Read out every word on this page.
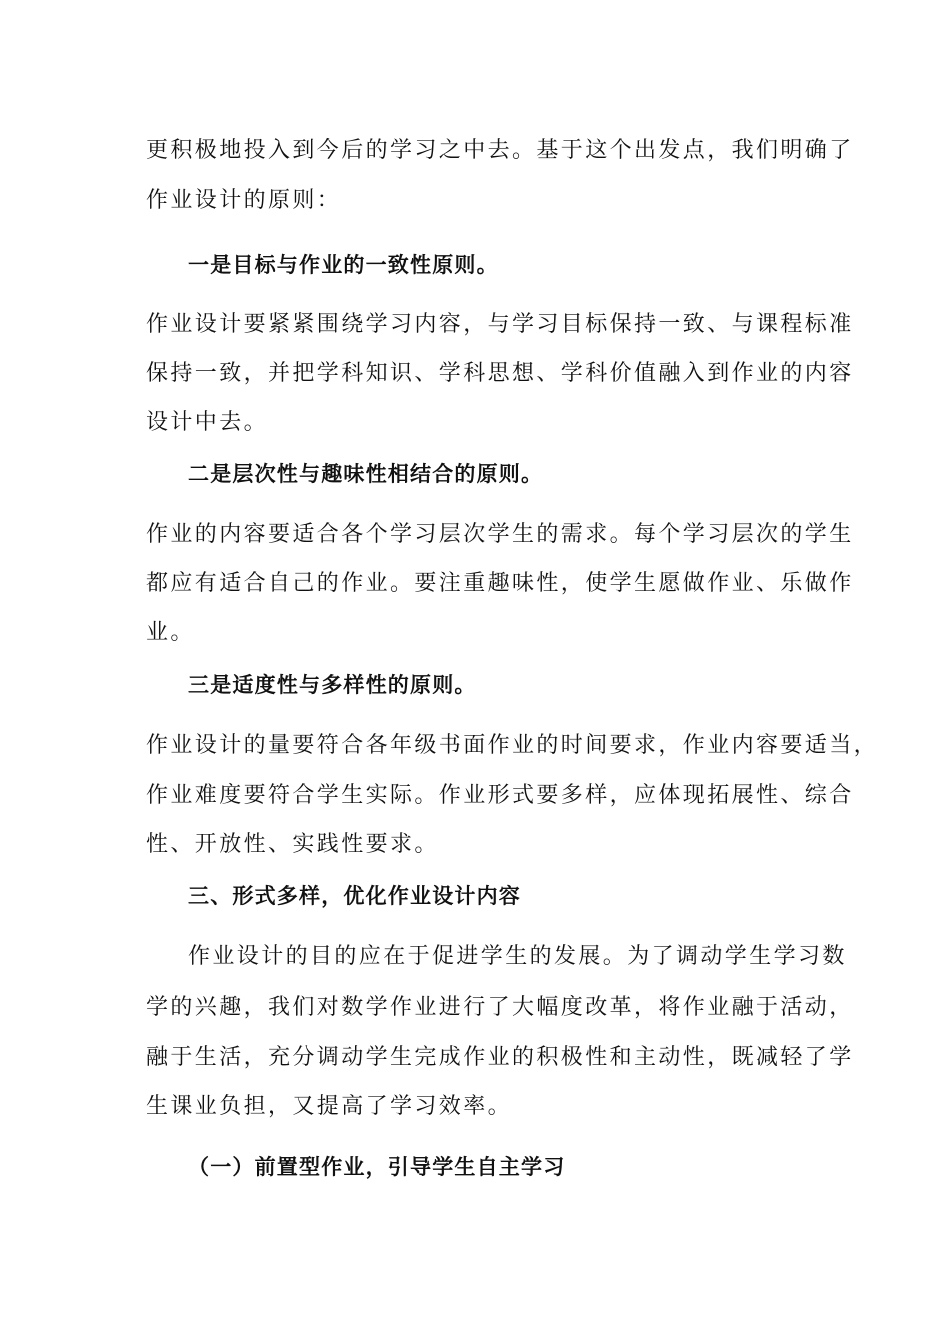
更积极地投入到今后的学习之中去。基于这个出发点，我们明确了
作业设计的原则：
一是目标与作业的一致性原则。
作业设计要紧紧围绕学习内容，与学习目标保持一致、与课程标准
保持一致，并把学科知识、学科思想、学科价值融入到作业的内容
设计中去。
二是层次性与趣味性相结合的原则。
作业的内容要适合各个学习层次学生的需求。每个学习层次的学生
都应有适合自己的作业。要注重趣味性，使学生愿做作业、乐做作
业。
三是适度性与多样性的原则。
作业设计的量要符合各年级书面作业的时间要求，作业内容要适当，
作业难度要符合学生实际。作业形式要多样，应体现拓展性、综合
性、开放性、实践性要求。
三、形式多样，优化作业设计内容
作业设计的目的应在于促进学生的发展。为了调动学生学习数
学的兴趣，我们对数学作业进行了大幅度改革，将作业融于活动，
融于生活，充分调动学生完成作业的积极性和主动性，既减轻了学
生课业负担，又提高了学习效率。
（一）前置型作业，引导学生自主学习
